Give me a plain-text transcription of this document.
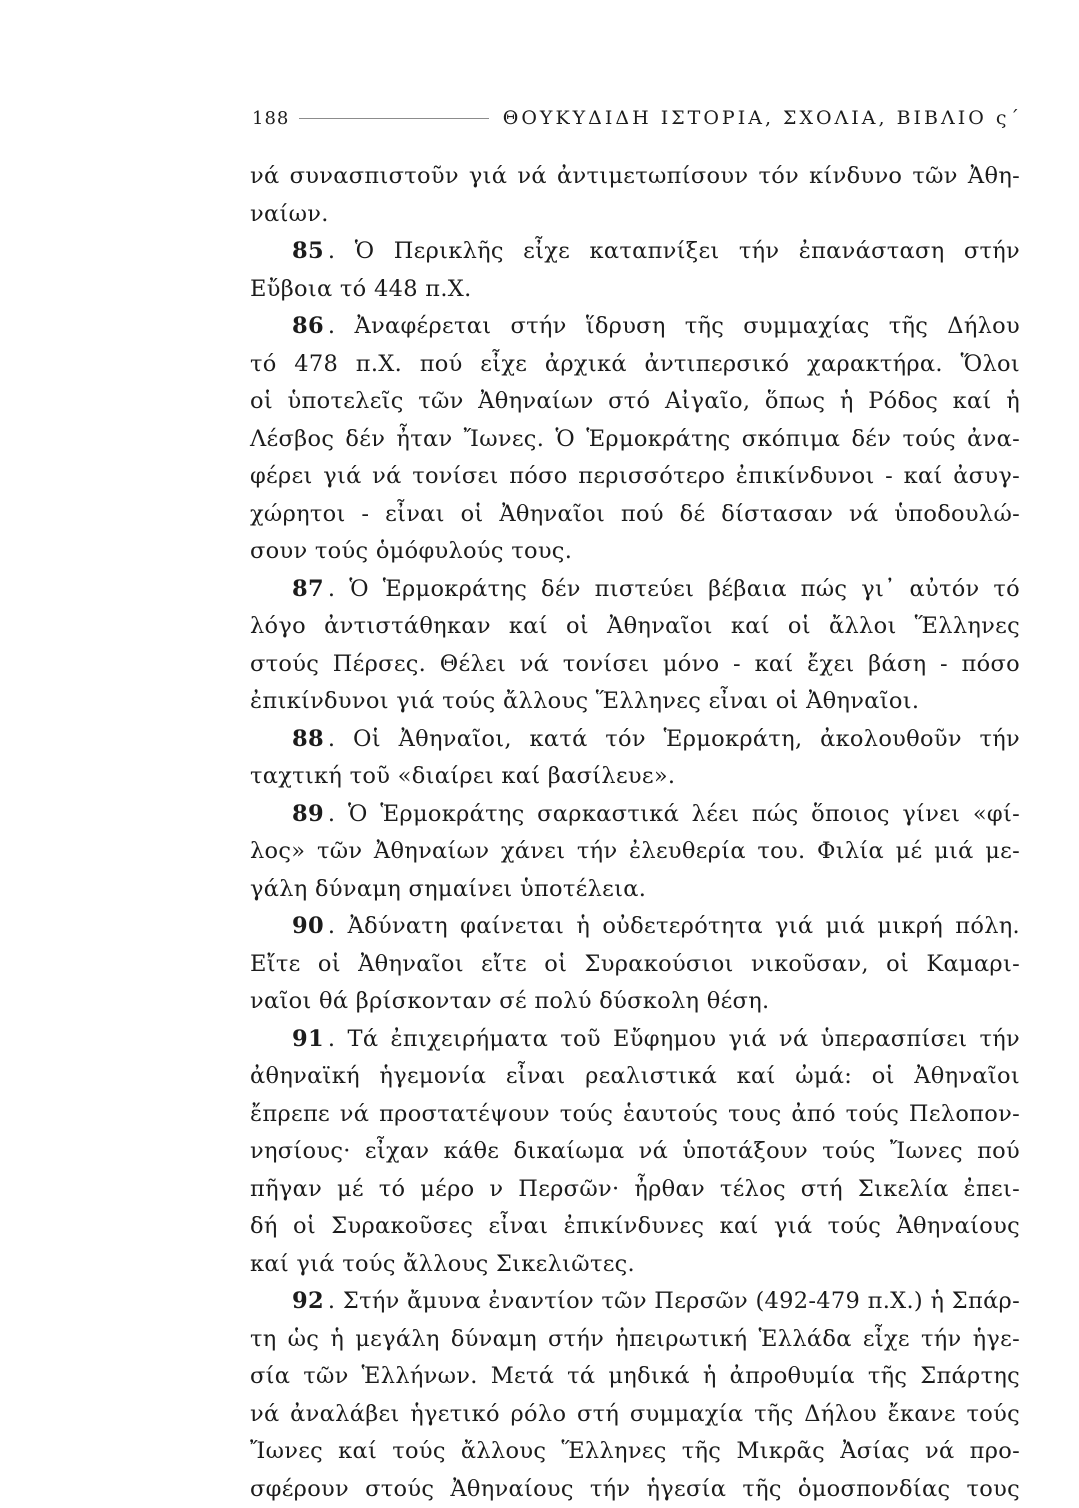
188	ΘΟΥΚΥΔΙΔΗ ΙΣΤΟΡΙΑ, ΣΧΟΛΙΑ, ΒΙΒΛΙΟ ς΄
νά συνασπιστοῦν γιά νά ἀντιμετωπίσουν τόν κίνδυνο τῶν Ἀθη-
ναίων.
85 . Ὁ Περικλῆς εἶχε καταπνίξει τήν ἐπανάσταση στήν
Εὔβοια τό 448 π.Χ.
86 . Ἀναφέρεται στήν ἵδρυση τῆς συμμαχίας τῆς Δήλου
τό 478 π.Χ. πού εἶχε ἀρχικά ἀντιπερσικό χαρακτήρα. Ὅλοι
οἱ ὑποτελεῖς τῶν Ἀθηναίων στό Αἰγαῖο, ὅπως ἡ Ρόδος καί ἡ
Λέσβος δέν ἦταν Ἴωνες. Ὁ Ἑρμοκράτης σκόπιμα δέν τούς ἀνα-
φέρει γιά νά τονίσει πόσο περισσότερο ἐπικίνδυνοι - καί ἀσυγ-
χώρητοι - εἶναι οἱ Ἀθηναῖοι πού δέ δίστασαν νά ὑποδουλώ-
σουν τούς ὁμόφυλούς τους.
87 . Ὁ Ἑρμοκράτης δέν πιστεύει βέβαια πώς γι᾽ αὐτόν τό
λόγο ἀντιστάθηκαν καί οἱ Ἀθηναῖοι καί οἱ ἄλλοι Ἕλληνες
στούς Πέρσες. Θέλει νά τονίσει μόνο - καί ἔχει βάση - πόσο
ἐπικίνδυνοι γιά τούς ἄλλους Ἕλληνες εἶναι οἱ Ἀθηναῖοι.
88 . Οἱ Ἀθηναῖοι, κατά τόν Ἑρμοκράτη, ἀκολουθοῦν τήν
ταχτική τοῦ «διαίρει καί βασίλευε».
89 . Ὁ Ἑρμοκράτης σαρκαστικά λέει πώς ὅποιος γίνει «φί-
λος» τῶν Ἀθηναίων χάνει τήν ἐλευθερία του. Φιλία μέ μιά με-
γάλη δύναμη σημαίνει ὑποτέλεια.
90 . Ἀδύνατη φαίνεται ἡ οὐδετερότητα γιά μιά μικρή πόλη.
Εἴτε οἱ Ἀθηναῖοι εἴτε οἱ Συρακούσιοι νικοῦσαν, οἱ Καμαρι-
ναῖοι θά βρίσκονταν σέ πολύ δύσκολη θέση.
91 . Τά ἐπιχειρήματα τοῦ Εὔφημου γιά νά ὑπερασπίσει τήν
ἀθηναϊκή ἡγεμονία εἶναι ρεαλιστικά καί ὠμά: οἱ Ἀθηναῖοι
ἔπρεπε νά προστατέψουν τούς ἑαυτούς τους ἀπό τούς Πελοπον-
νησίους· εἶχαν κάθε δικαίωμα νά ὑποτάξουν τούς Ἴωνες πού
πῆγαν μέ τό μέρο ν Περσῶν· ἦρθαν τέλος στή Σικελία ἐπει-
δή οἱ Συρακοῦσες εἶναι ἐπικίνδυνες καί γιά τούς Ἀθηναίους
καί γιά τούς ἄλλους Σικελιῶτες.
92 . Στήν ἄμυνα ἐναντίον τῶν Περσῶν (492-479 π.Χ.) ἡ Σπάρ-
τη ὡς ἡ μεγάλη δύναμη στήν ἠπειρωτική Ἑλλάδα εἶχε τήν ἡγε-
σία τῶν Ἑλλήνων. Μετά τά μηδικά ἡ ἀπροθυμία τῆς Σπάρτης
νά ἀναλάβει ἡγετικό ρόλο στή συμμαχία τῆς Δήλου ἔκανε τούς
Ἴωνες καί τούς ἄλλους Ἕλληνες τῆς Μικρᾶς Ἀσίας νά προ-
σφέρουν στούς Ἀθηναίους τήν ἡγεσία τῆς ὁμοσπονδίας τους
